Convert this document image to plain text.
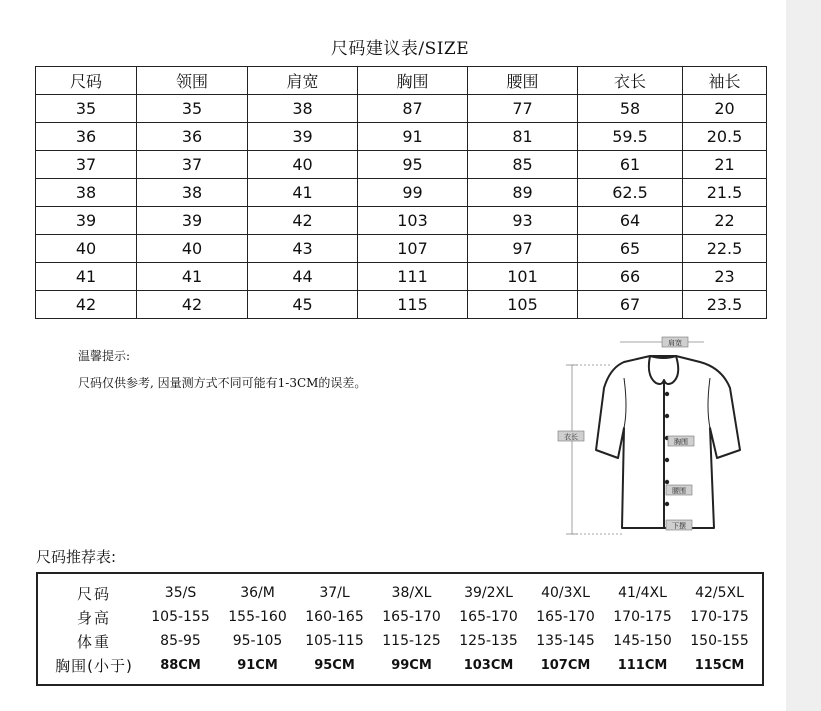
尺码建议表/SIZE
尺码	领围	肩宽	胸围	腰围	衣长	袖长
35	35	38	87	77	58	20
36	36	39	91	81	59.5	20.5
37	37	40	95	85	61	21
38	38	41	99	89	62.5	21.5
39	39	42	103	93	64	22
40	40	43	107	97	65	22.5
41	41	44	111	101	66	23
42	42	45	115	105	67	23.5
温馨提示:
尺码仅供参考, 因量测方式不同可能有1-3CM的误差。
肩宽
衣长
胸围
腰围
下摆
尺码推荐表:
尺码	35/S	36/M	37/L	38/XL	39/2XL	40/3XL	41/4XL	42/5XL
身高	105-155	155-160	160-165	165-170	165-170	165-170	170-175	170-175
体重	85-95	95-105	105-115	115-125	125-135	135-145	145-150	150-155
胸围(小于)	88CM	91CM	95CM	99CM	103CM	107CM	111CM	115CM
